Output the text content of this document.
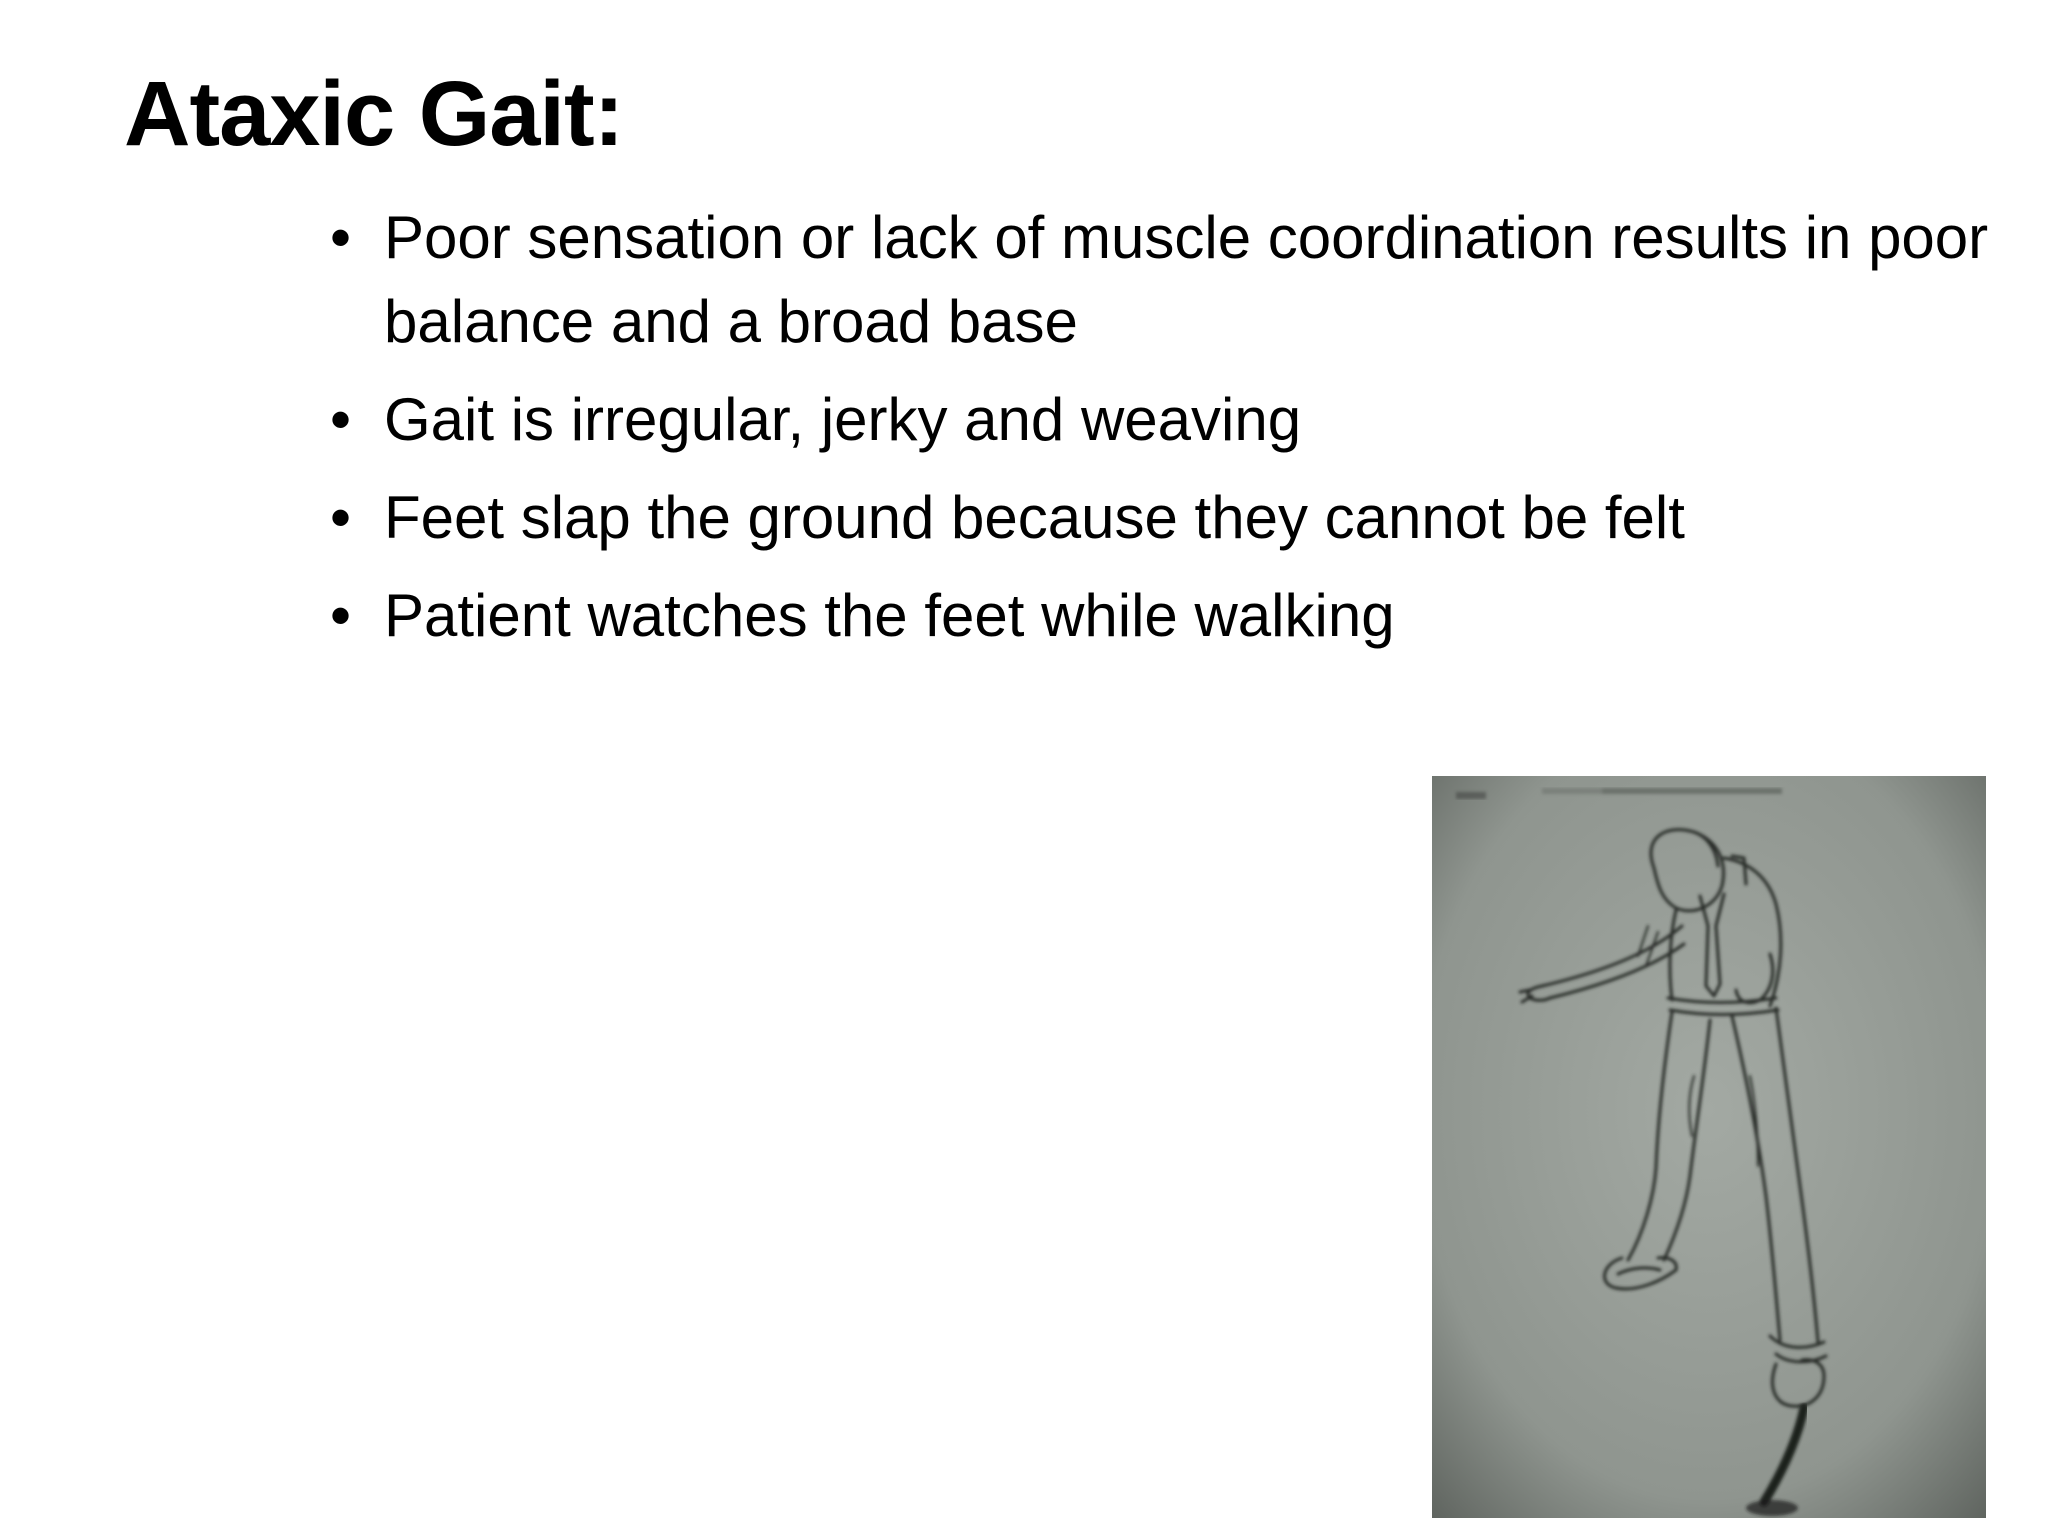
Ataxic Gait:
• Poor sensation or lack of muscle coordination results in poor balance and a broad base
• Gait is irregular, jerky and weaving
• Feet slap the ground because they cannot be felt
• Patient watches the feet while walking
